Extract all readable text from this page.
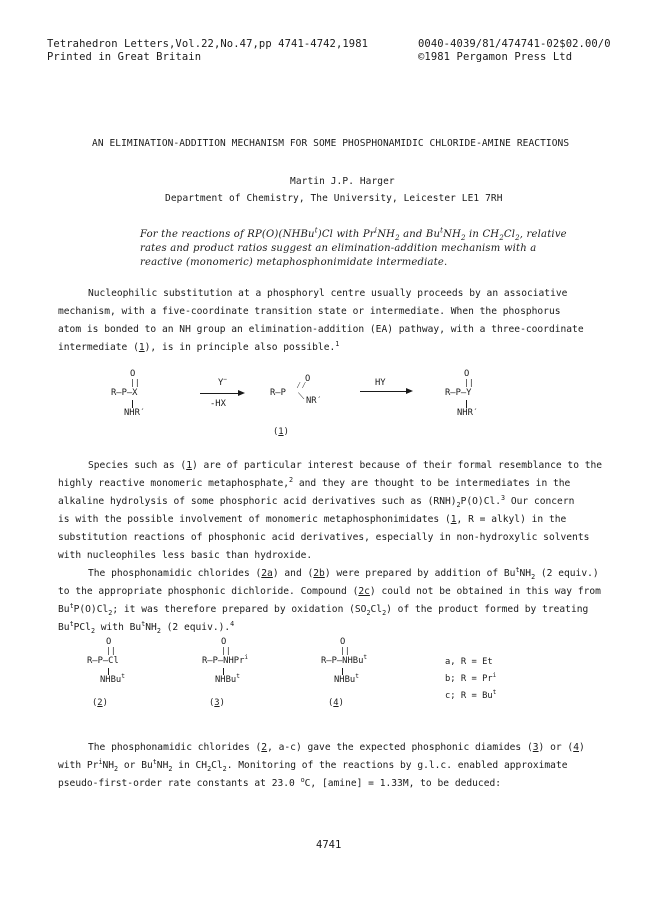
Tetrahedron Letters,Vol.22,No.47,pp 4741-4742,1981	0040-4039/81/474741-02$02.00/0
Printed in Great Britain	©1981 Pergamon Press Ltd
AN ELIMINATION-ADDITION MECHANISM FOR SOME PHOSPHONAMIDIC CHLORIDE-AMINE REACTIONS
Martin J.P. Harger
Department of Chemistry, The University, Leicester LE1 7RH
For the reactions of RP(O)(NHBu$^t$)Cl with $Pr^iNH_2$ and $Bu^tNH_2$ in $CH_2Cl_2$, relative
rates and product ratios suggest an elimination-addition mechanism with a
reactive (monomeric) metaphosphonimidate intermediate.
Nucleophilic substitution at a phosphoryl centre usually proceeds by an associative
mechanism, with a five-coordinate transition state or intermediate. When the phosphorus
atom is bonded to an NH group an elimination-addition (EA) pathway, with a three-coordinate
intermediate (1), is in principle also possible.$^1$
O
||
R—P—X
NHR′
Y−
-HX
O
R—P
⁄⁄
⟍ NR′
HY
O
||
R—P—Y
NHR′
(1)
Species such as (1) are of particular interest because of their formal resemblance to the
highly reactive monomeric metaphosphate,$^2$ and they are thought to be intermediates in the
alkaline hydrolysis of some phosphoric acid derivatives such as $(RNH)_2P(O)Cl.^3$ Our concern
is with the possible involvement of monomeric metaphosphonimidates (1, R = alkyl) in the
substitution reactions of phosphonic acid derivatives, especially in non-hydroxylic solvents
with nucleophiles less basic than hydroxide.
The phosphonamidic chlorides (2a) and (2b) were prepared by addition of $Bu^tNH_2$ (2 equiv.)
to the appropriate phosphonic dichloride. Compound (2c) could not be obtained in this way from
$Bu^tP(O)Cl_2$; it was therefore prepared by oxidation $(SO_2Cl_2)$ of the product formed by treating
$Bu^tPCl_2$ with $Bu^tNH_2$ (2 equiv.).$^4$
O
||
R—P—Cl
NHBu$^t$
(2)
O
||
R—P—NHPr$^i$
NHBu$^t$
(3)
O
||
R—P—NHBu$^t$
NHBu$^t$
(4)
a, R = Et
b; $R = Pr^i$
c; $R = Bu^t$
The phosphonamidic chlorides (2, a-c) gave the expected phosphonic diamides (3) or (4)
with $Pr^iNH_2$ or $Bu^tNH_2$ in $CH_2Cl_2$. Monitoring of the reactions by g.l.c. enabled approximate
pseudo-first-order rate constants at 23.0 $^o$C, [amine] = 1.33M, to be deduced:
4741
